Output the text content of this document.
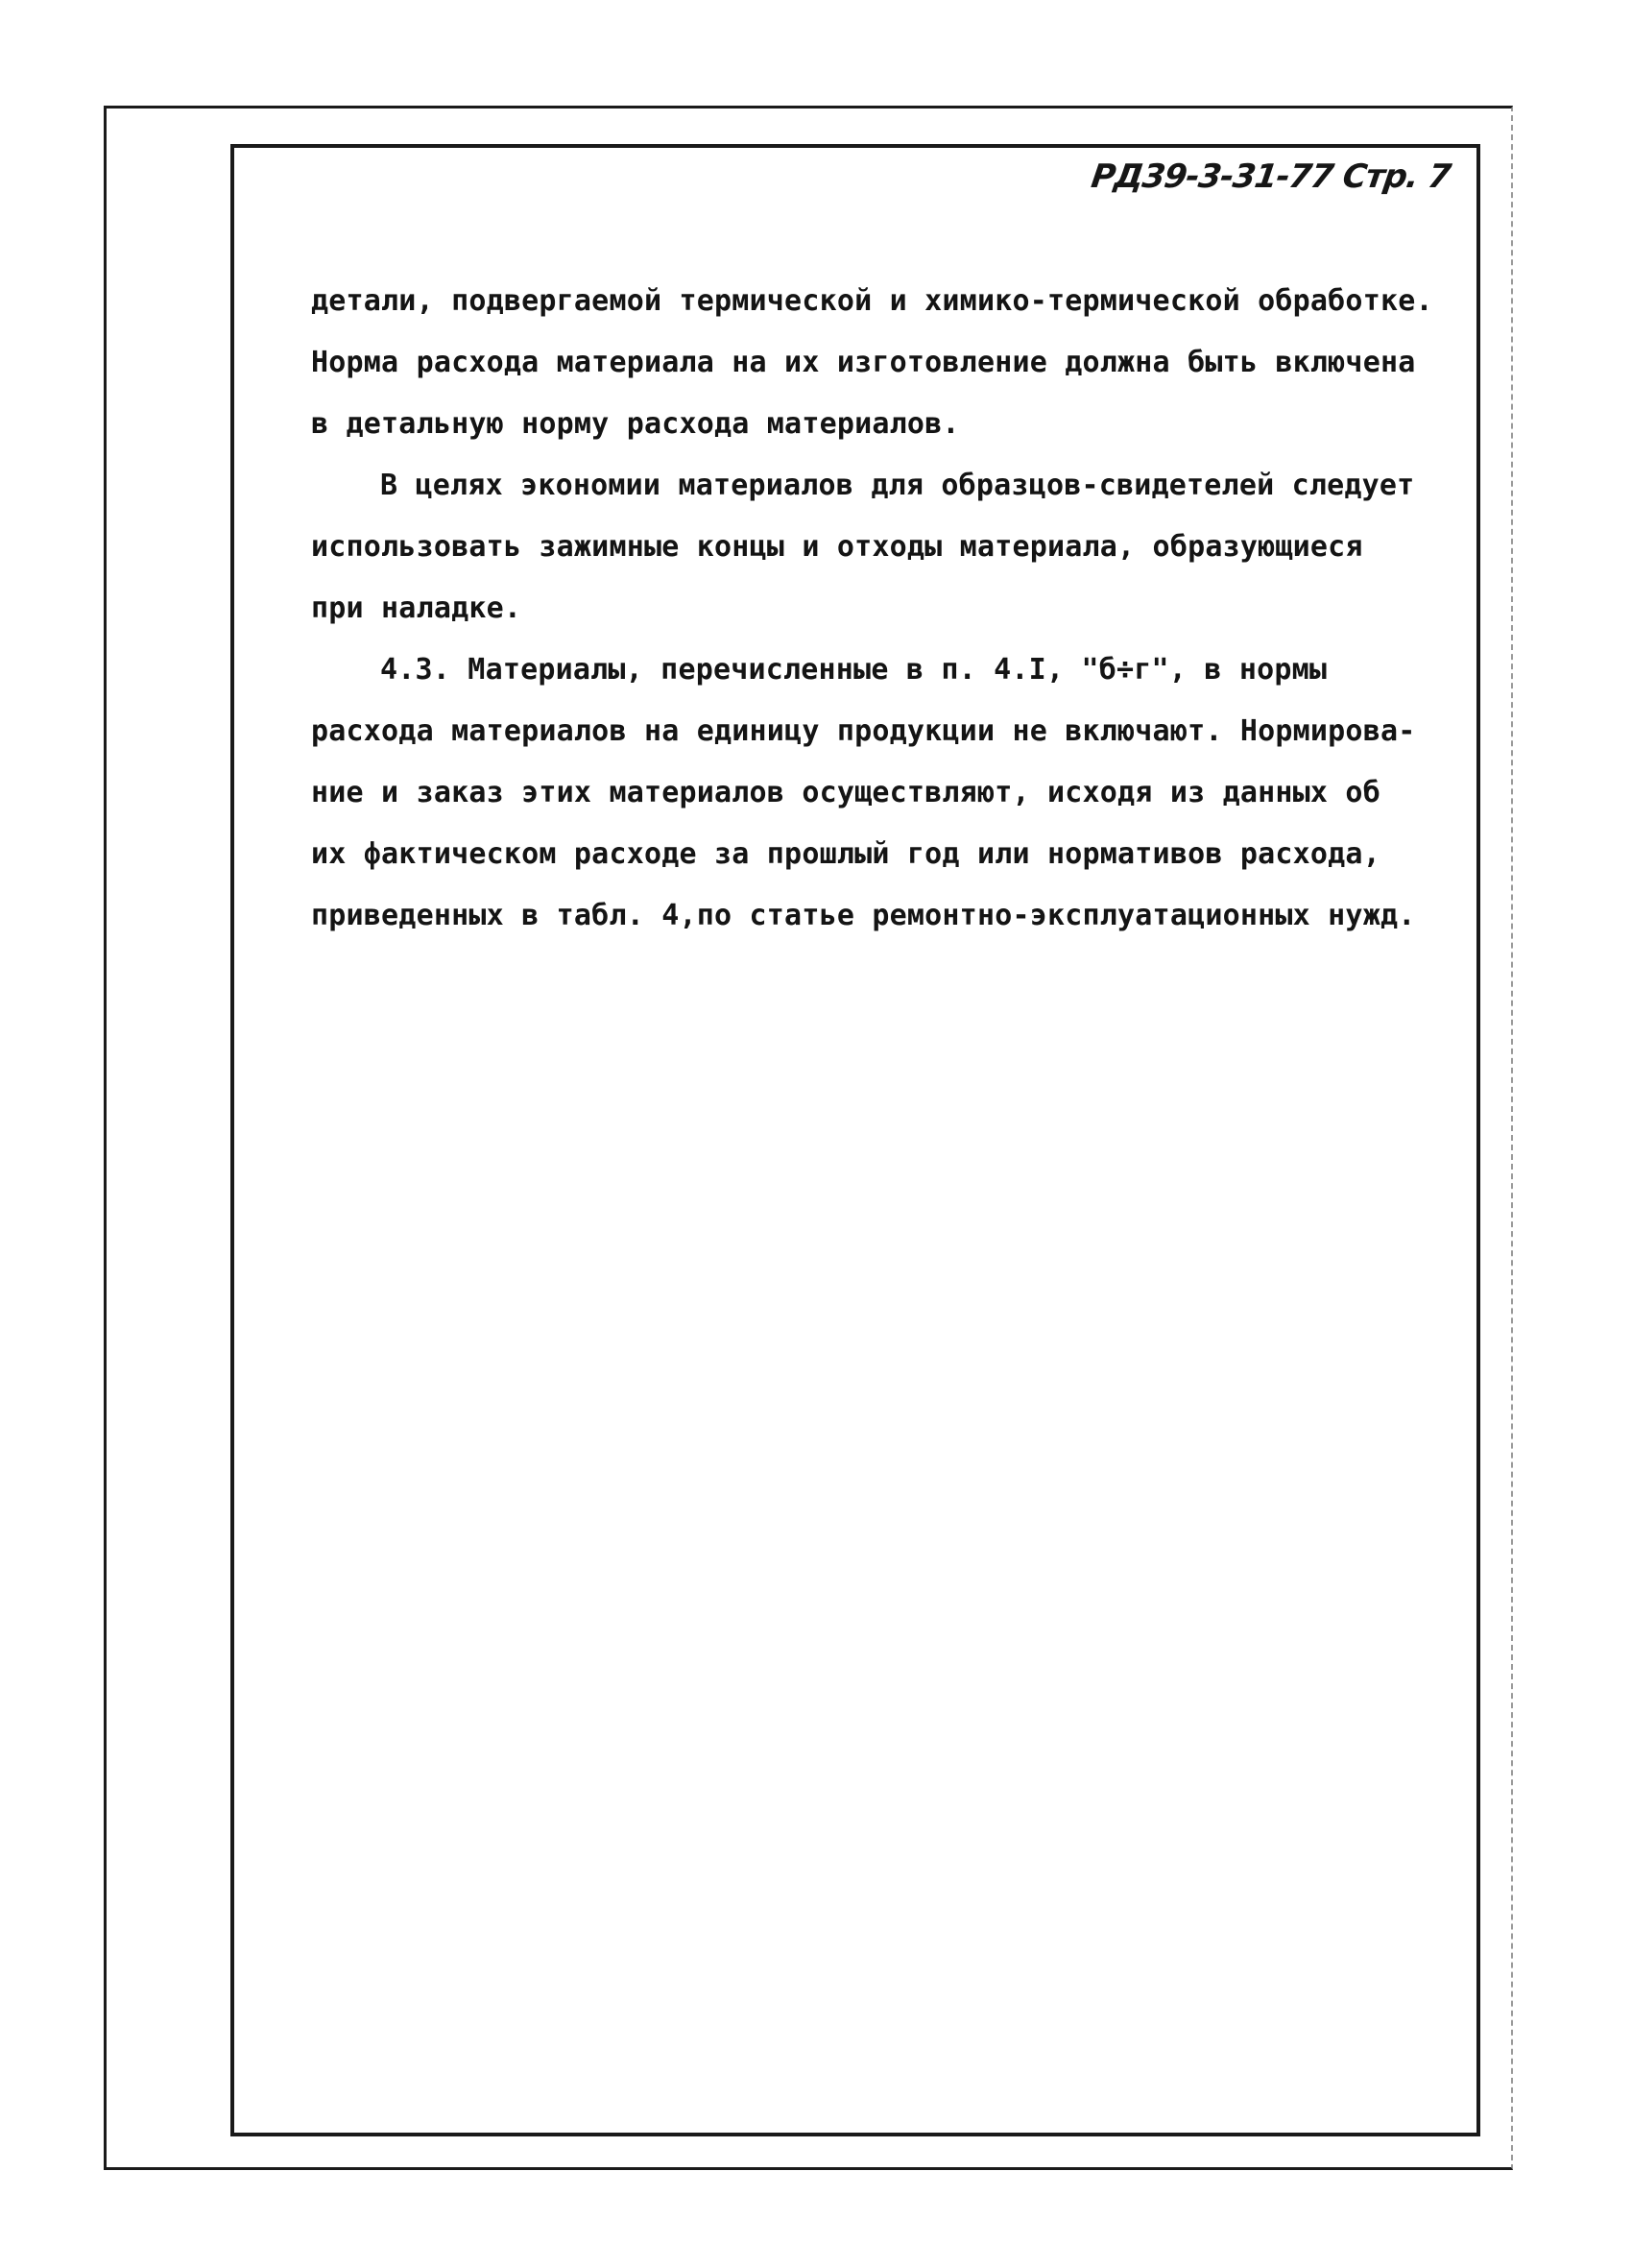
РД39-3-31-77 Стр. 7
детали, подвергаемой термической и химико-термической обработке.
Норма расхода материала на их изготовление должна быть включена
в детальную норму расхода материалов.
В целях экономии материалов для образцов-свидетелей следует
использовать зажимные концы и отходы материала, образующиеся
при наладке.
4.3. Материалы, перечисленные в п. 4.I, "б÷г", в нормы
расхода материалов на единицу продукции не включают. Нормирова-
ние и заказ этих материалов осуществляют, исходя из данных об
их фактическом расходе за прошлый год или нормативов расхода,
приведенных в табл. 4,по статье ремонтно-эксплуатационных нужд.
